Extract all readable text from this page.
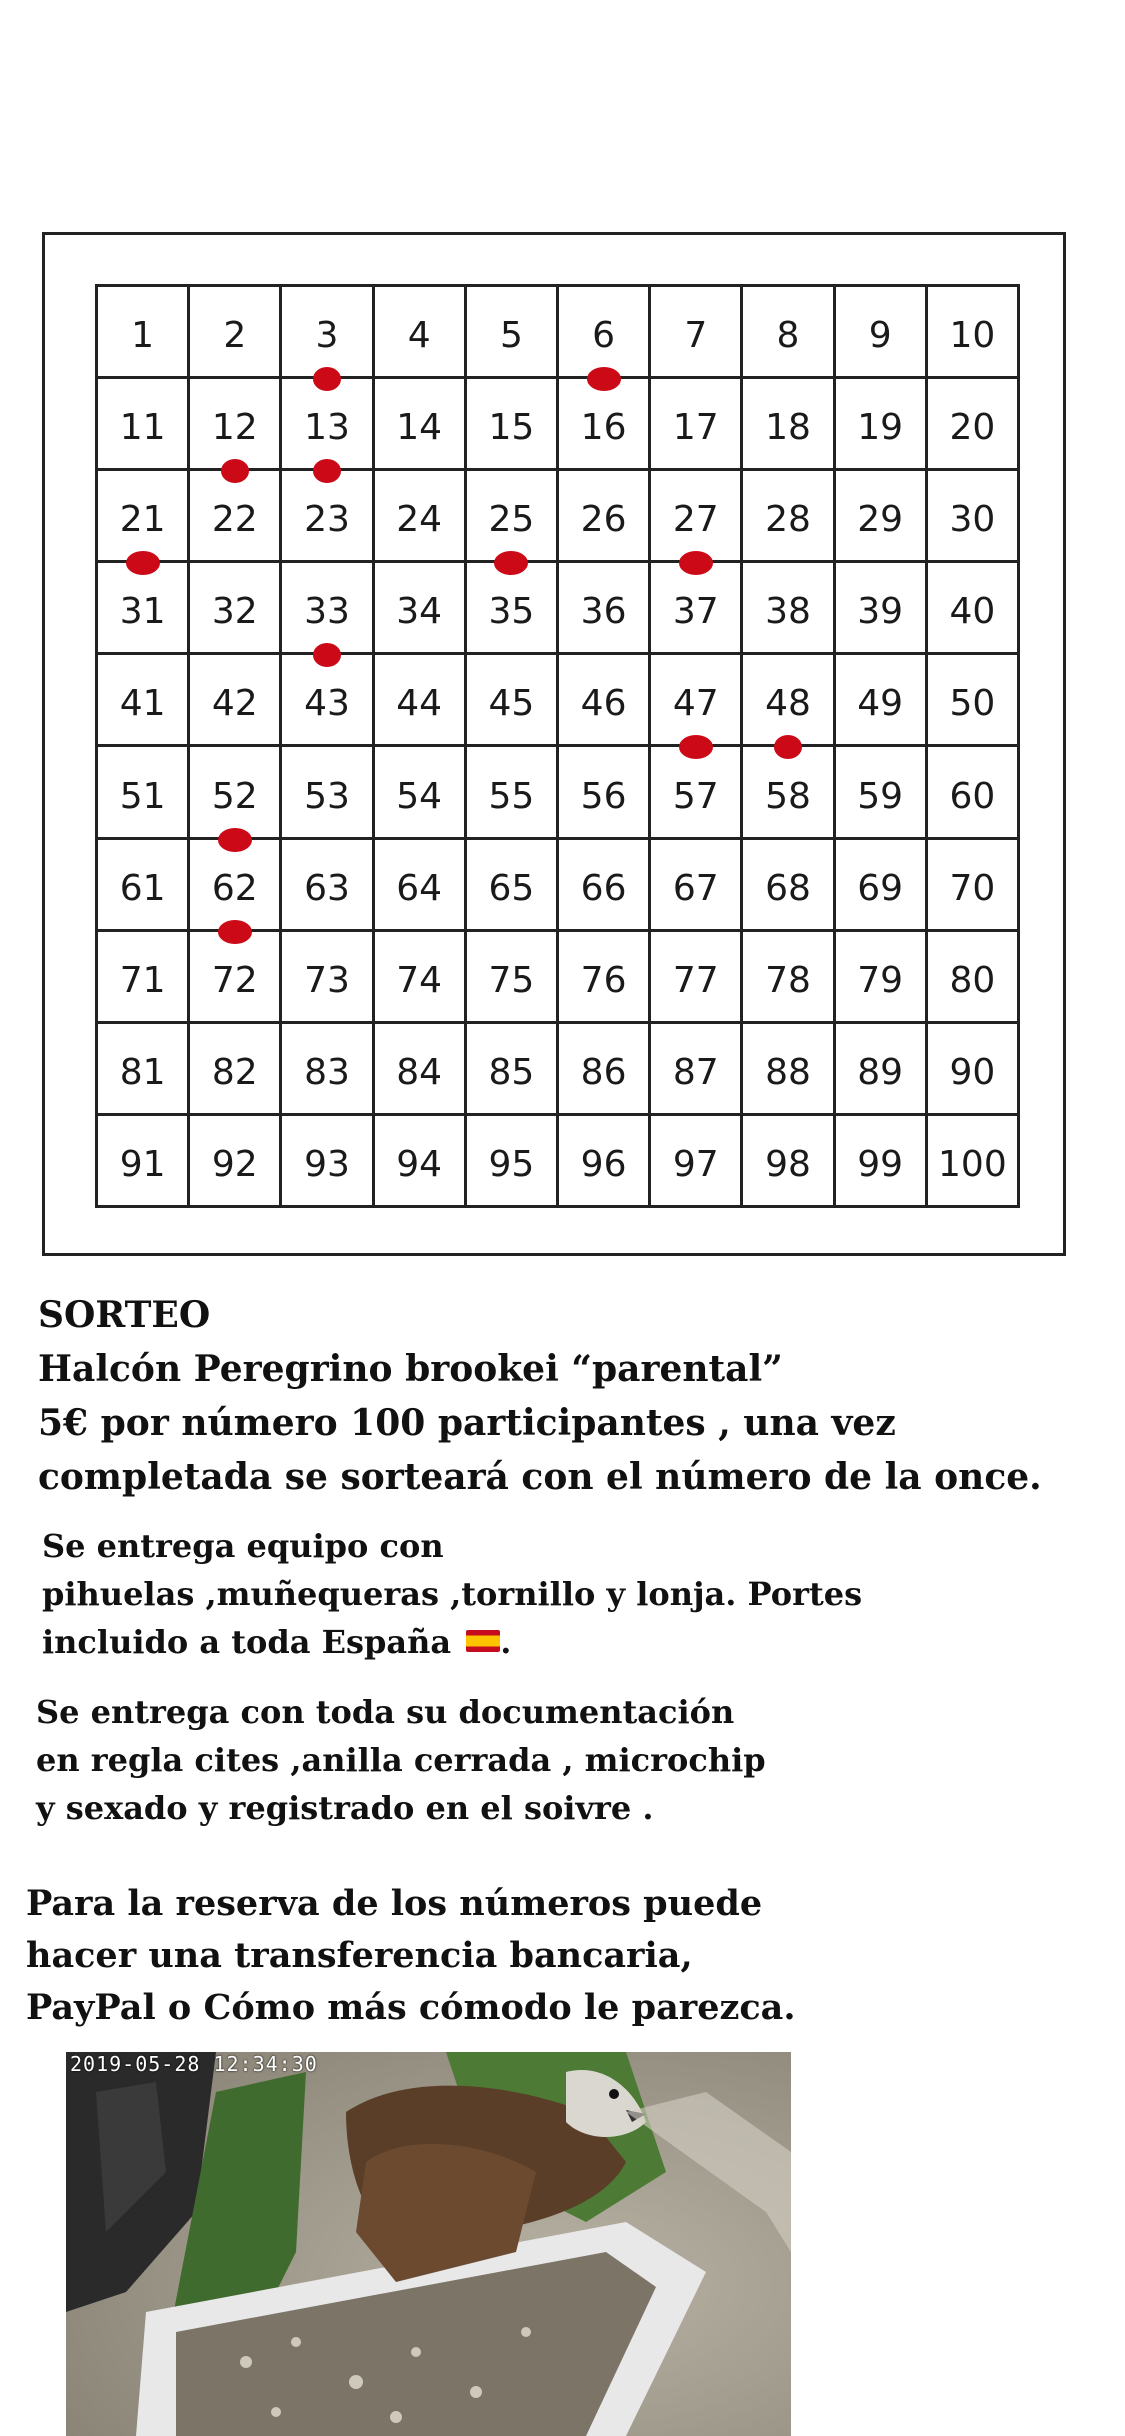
1 2 3 4 5 6 7 8 9 10
11 12 13 14 15 16 17 18 19 20
21 22 23 24 25 26 27 28 29 30
31 32 33 34 35 36 37 38 39 40
41 42 43 44 45 46 47 48 49 50
51 52 53 54 55 56 57 58 59 60
61 62 63 64 65 66 67 68 69 70
71 72 73 74 75 76 77 78 79 80
81 82 83 84 85 86 87 88 89 90
91 92 93 94 95 96 97 98 99 100
SORTEO
Halcón Peregrino brookei “parental”
5€ por número 100 participantes , una vez
completada se sorteará con el número de la once.
Se entrega equipo con
pihuelas ,muñequeras ,tornillo y lonja. Portes
incluido a toda España .
Se entrega con toda su documentación
en regla cites ,anilla cerrada , microchip
y sexado y registrado en el soivre .
Para la reserva de los números puede
hacer una transferencia bancaria,
PayPal o Cómo más cómodo le parezca.
2019-05-28 12:34:30
